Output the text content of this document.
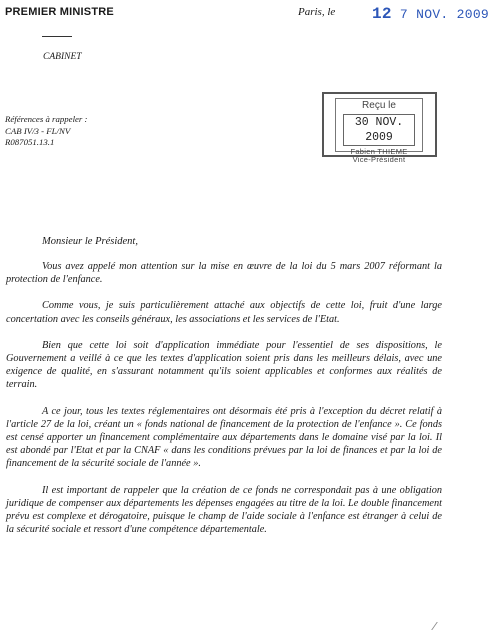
PREMIER MINISTRE
CABINET
Paris, le 12 7 NOV. 2009
Références à rappeler :
CAB IV/3 - FL/NV
R087051.13.1
Reçu le
30 NOV. 2009
Fabien THIEME
Vice-Président
Monsieur le Président,

Vous avez appelé mon attention sur la mise en œuvre de la loi du 5 mars 2007 réformant la protection de l'enfance.

Comme vous, je suis particulièrement attaché aux objectifs de cette loi, fruit d'une large concertation avec les conseils généraux, les associations et les services de l'Etat.

Bien que cette loi soit d'application immédiate pour l'essentiel de ses dispositions, le Gouvernement a veillé à ce que les textes d'application soient pris dans les meilleurs délais, avec une exigence de qualité, en s'assurant notamment qu'ils soient applicables et conformes aux réalités de terrain.

A ce jour, tous les textes réglementaires ont désormais été pris à l'exception du décret relatif à l'article 27 de la loi, créant un « fonds national de financement de la protection de l'enfance ». Ce fonds est censé apporter un financement complémentaire aux départements dans le domaine visé par la loi. Il est abondé par l'Etat et par la CNAF « dans les conditions prévues par la loi de finances et par la loi de financement de la sécurité sociale de l'année ».

Il est important de rappeler que la création de ce fonds ne correspondait pas à une obligation juridique de compenser aux départements les dépenses engagées au titre de la loi. Le double financement prévu est complexe et dérogatoire, puisque le champ de l'aide sociale à l'enfance est étranger à celui de la sécurité sociale et ressort d'une compétence départementale.
